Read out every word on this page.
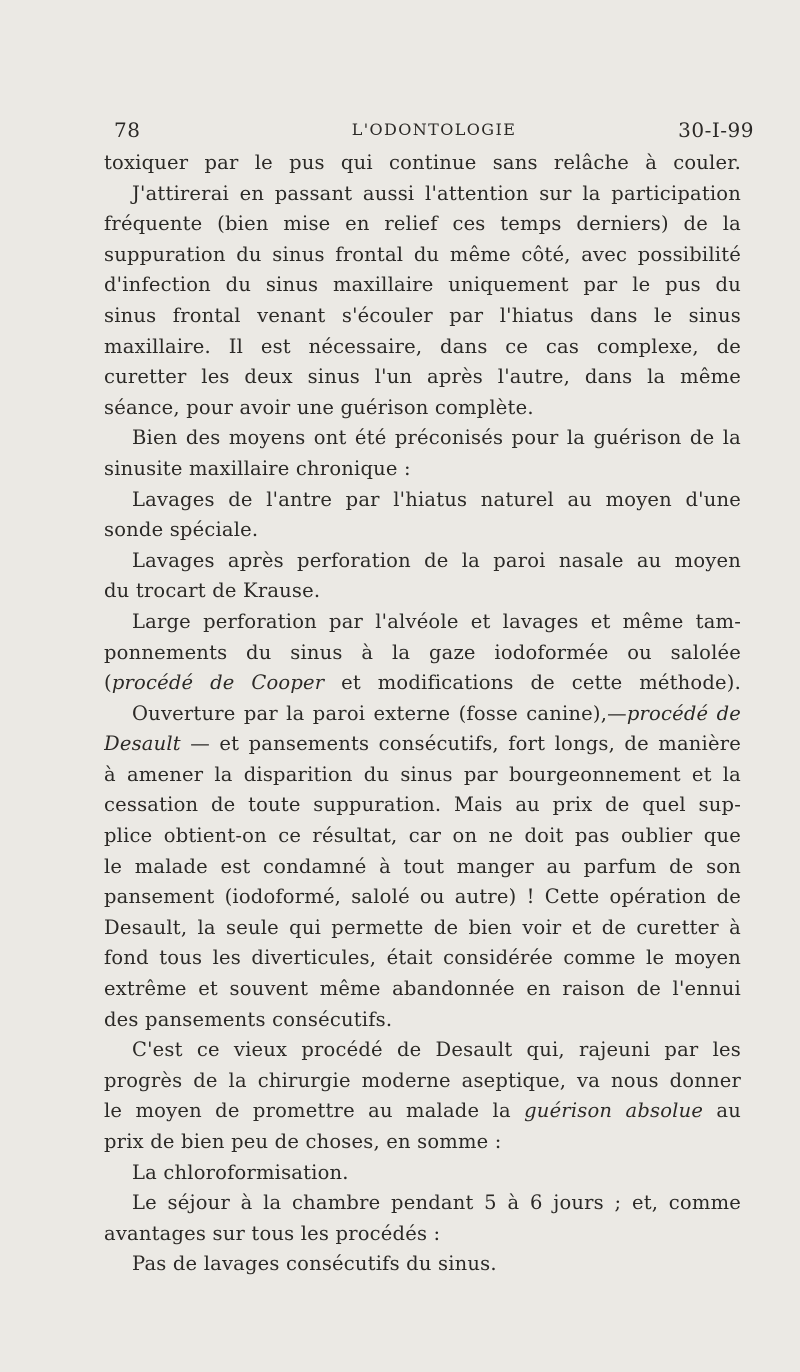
78	L'ODONTOLOGIE	30-I-99
toxiquer par le pus qui continue sans relâche à couler.
J'attirerai en passant aussi l'attention sur la participation
fréquente (bien mise en relief ces temps derniers) de la
suppuration du sinus frontal du même côté, avec possibilité
d'infection du sinus maxillaire uniquement par le pus du
sinus frontal venant s'écouler par l'hiatus dans le sinus
maxillaire. Il est nécessaire, dans ce cas complexe, de
curetter les deux sinus l'un après l'autre, dans la même
séance, pour avoir une guérison complète.
Bien des moyens ont été préconisés pour la guérison de la
sinusite maxillaire chronique :
Lavages de l'antre par l'hiatus naturel au moyen d'une
sonde spéciale.
Lavages après perforation de la paroi nasale au moyen
du trocart de Krause.
Large perforation par l'alvéole et lavages et même tam-
ponnements du sinus à la gaze iodoformée ou salolée
(procédé de Cooper et modifications de cette méthode).
Ouverture par la paroi externe (fosse canine),—procédé de
Desault — et pansements consécutifs, fort longs, de manière
à amener la disparition du sinus par bourgeonnement et la
cessation de toute suppuration. Mais au prix de quel sup-
plice obtient-on ce résultat, car on ne doit pas oublier que
le malade est condamné à tout manger au parfum de son
pansement (iodoformé, salolé ou autre) ! Cette opération de
Desault, la seule qui permette de bien voir et de curetter à
fond tous les diverticules, était considérée comme le moyen
extrême et souvent même abandonnée en raison de l'ennui
des pansements consécutifs.
C'est ce vieux procédé de Desault qui, rajeuni par les
progrès de la chirurgie moderne aseptique, va nous donner
le moyen de promettre au malade la guérison absolue au
prix de bien peu de choses, en somme :
La chloroformisation.
Le séjour à la chambre pendant 5 à 6 jours ; et, comme
avantages sur tous les procédés :
Pas de lavages consécutifs du sinus.
